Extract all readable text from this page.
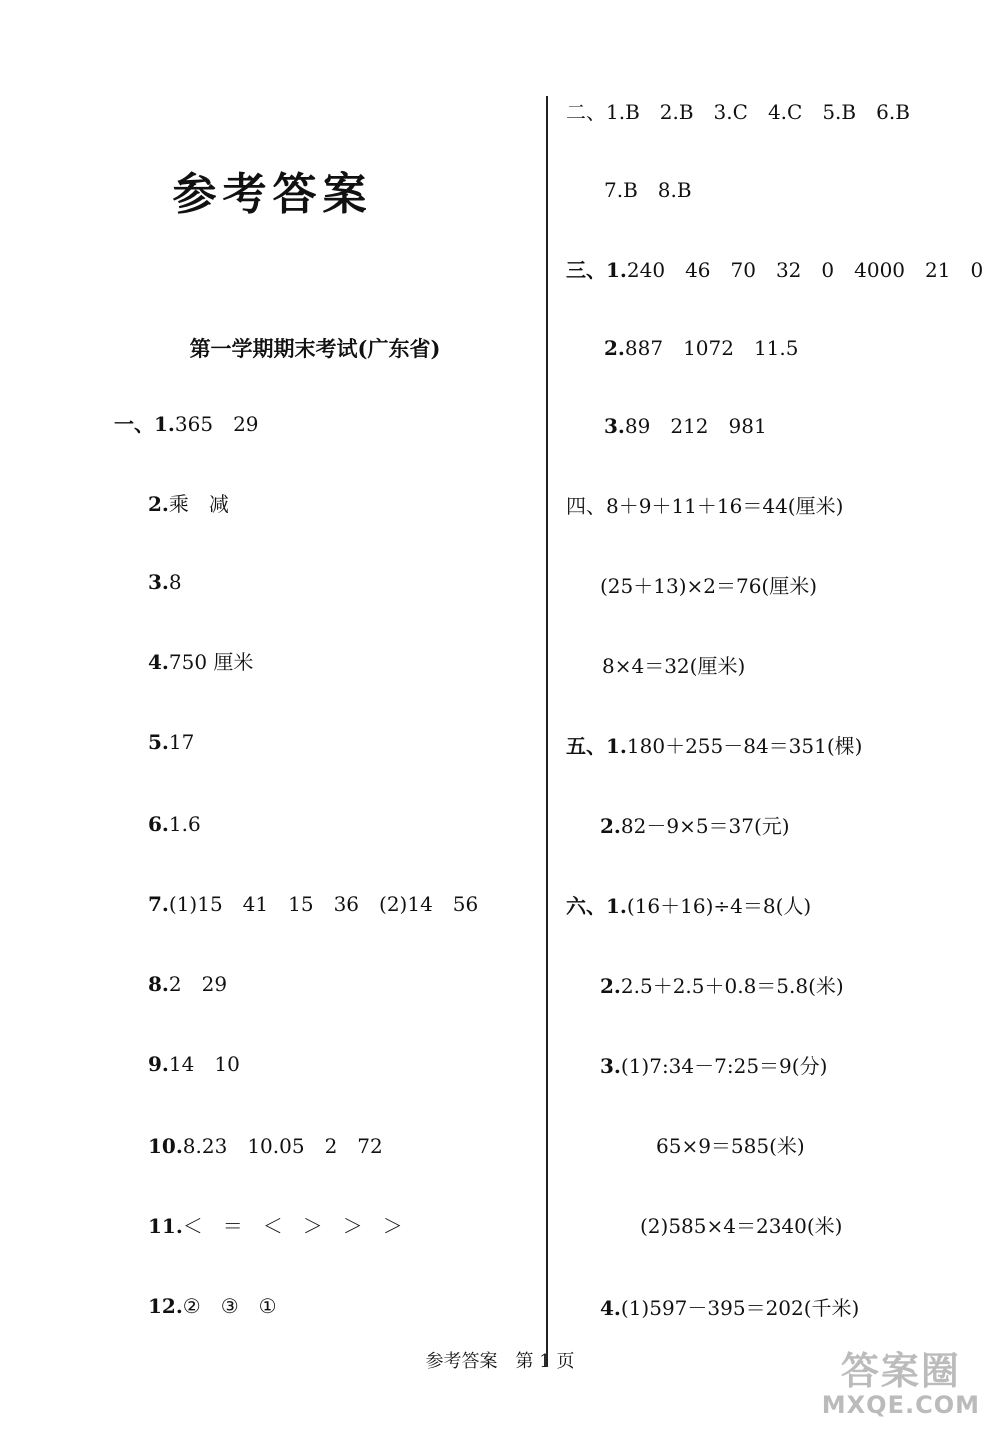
参考答案
第一学期期末考试(广东省)
一、1.365　29
2.乘　减
3.8
4.750 厘米
5.17
6.1.6
7.(1)15　41　15　36　(2)14　56
8.2　29
9.14　10
10.8.23　10.05　2　72
11.＜　＝　＜　＞　＞　＞
12.②　③　①
二、1.B　2.B　3.C　4.C　5.B　6.B
7.B　8.B
三、1.240　46　70　32　0　4000　21　0
2.887　1072　11.5
3.89　212　981
四、8＋9＋11＋16＝44(厘米)
(25＋13)×2＝76(厘米)
8×4＝32(厘米)
五、1.180＋255－84＝351(棵)
2.82－9×5＝37(元)
六、1.(16＋16)÷4＝8(人)
2.2.5＋2.5＋0.8＝5.8(米)
3.(1)7:34－7:25＝9(分)
65×9＝585(米)
(2)585×4＝2340(米)
4.(1)597－395＝202(千米)
参考答案　第 1 页	答案圈
MXQE.COM
